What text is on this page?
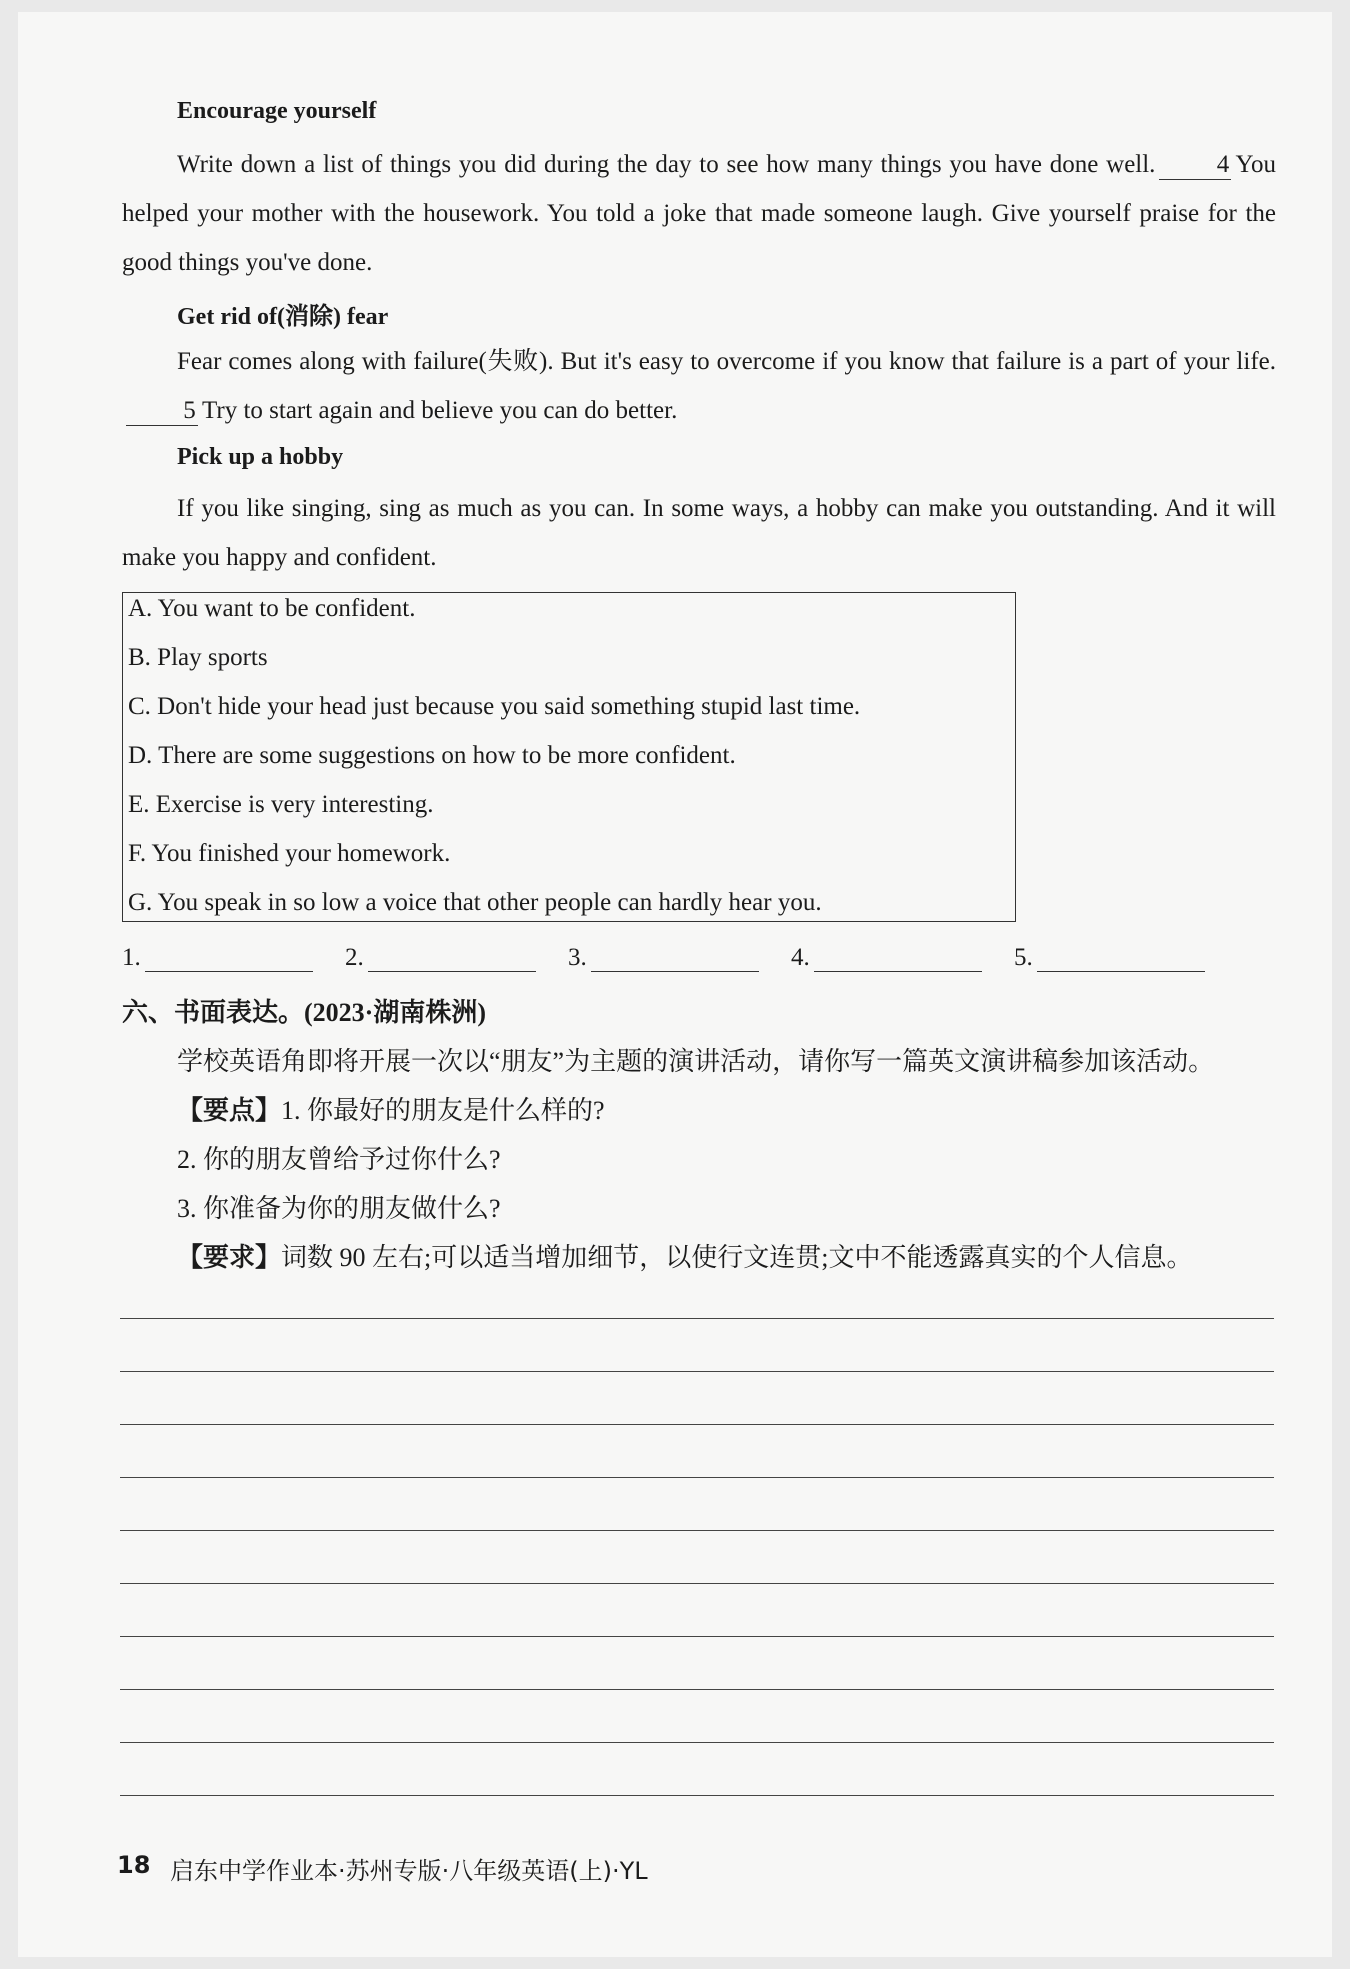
Encourage yourself
Write down a list of things you did during the day to see how many things you have done well. 4 You helped your mother with the housework. You told a joke that made someone laugh. Give yourself praise for the good things you've done.
Get rid of(消除) fear
Fear comes along with failure(失败). But it's easy to overcome if you know that failure is a part of your life.5 Try to start again and believe you can do better.
Pick up a hobby
If you like singing, sing as much as you can. In some ways, a hobby can make you outstanding. And it will make you happy and confident.
A. You want to be confident.
B. Play sports
C. Don't hide your head just because you said something stupid last time.
D. There are some suggestions on how to be more confident.
E. Exercise is very interesting.
F. You finished your homework.
G. You speak in so low a voice that other people can hardly hear you.
1.	2.	3.	4.	5.
六、书面表达。(2023·湖南株洲)
学校英语角即将开展一次以“朋友”为主题的演讲活动，请你写一篇英文演讲稿参加该活动。
【要点】1. 你最好的朋友是什么样的?
2. 你的朋友曾给予过你什么?
3. 你准备为你的朋友做什么?
【要求】词数 90 左右;可以适当增加细节，以使行文连贯;文中不能透露真实的个人信息。
18 启东中学作业本·苏州专版·八年级英语(上)·YL
